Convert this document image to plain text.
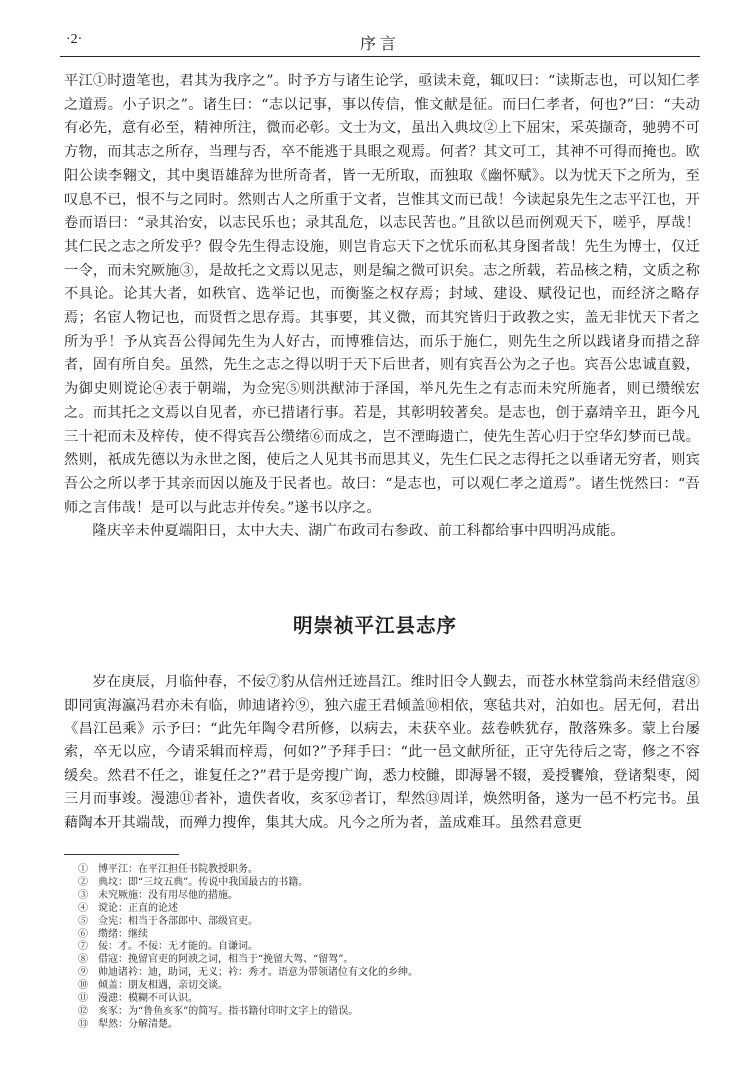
·2·	序言

平江①时遗笔也，君其为我序之”。时予方与诸生论学，亟读未竟，辄叹曰：“读斯志也，可以知仁孝之道焉。小子识之”。诸生曰：“志以记事，事以传信，惟文献是征。而曰仁孝者，何也?”曰：“夫动有必先，意有必至，精神所注，微而必彰。文士为文，虽出入典坟②上下屈宋，采英撷奇，驰骋不可方物，而其志之所存，当理与否，卒不能逃于具眼之观焉。何者？其文可工，其神不可得而掩也。欧阳公读李翱文，其中奥语雄辞为世所奇者，皆一无所取，而独取《幽怀赋》。以为忧天下之所为，至叹息不已，恨不与之同时。然则古人之所重于文者，岂惟其文而已哉！今读起泉先生之志平江也，开卷而语曰：“录其治安，以志民乐也；录其乱危，以志民苦也。”且欲以邑而例观天下，嗟乎，厚哉！其仁民之志之所发乎？假令先生得志设施，则岂肯忘天下之忧乐而私其身图者哉！先生为博士，仅迁一令，而未究厥施③，是故托之文焉以见志，则是编之微可识矣。志之所载，若品核之精，文质之称不具论。论其大者，如秩官、选举记也，而衡鉴之权存焉；封域、建设、赋役记也，而经济之略存焉；名宦人物记也，而贤哲之思存焉。其事要，其义微，而其究皆归于政教之实，盖无非忧天下者之所为乎！予从宾吾公得闻先生为人好古，而博雅信达，而乐于施仁，则先生之所以践诸身而措之辞者，固有所自矣。虽然，先生之志之得以明于天下后世者，则有宾吾公为之子也。宾吾公忠诚直毅，为御史则谠论④表于朝端，为佥宪⑤则洪猷沛于泽国，举凡先生之有志而未究所施者，则已缵缑宏之。而其托之文焉以自见者，亦已措诸行事。若是，其彰明较著矣。是志也，创于嘉靖辛丑，距今凡三十祀而未及梓传，使不得宾吾公缵绪⑥而成之，岂不湮晦遗亡，使先生苦心归于空华幻梦而已哉。然则，祇成先德以为永世之图，使后之人见其书而思其义，先生仁民之志得托之以垂诸无穷者，则宾吾公之所以孝于其亲而因以施及于民者也。故曰：“是志也，可以观仁孝之道焉”。诸生恍然曰：“吾师之言伟哉！是可以与此志并传矣。”遂书以序之。

隆庆辛未仲夏端阳日，太中大夫、湖广布政司右参政、前工科都给事中四明冯成能。

明崇祯平江县志序

岁在庚辰，月临仲春，不佞⑦豹从信州迁迹昌江。维时旧令人觐去，而苍水林堂翁尚未经借寇⑧即同寅海瀛冯君亦未有临，帅迪诸衿⑨，独六虚王君倾盖⑩相依，寒毡共对，泊如也。居无何，君出《昌江邑乘》示予曰：“此先年陶令君所修，以病去，未获卒业。兹卷帙犹存，散落殊多。蒙上台屡索，卒无以应，今请采辑而梓焉，何如?”予拜手曰：“此一邑文献所征，正守先待后之寄，修之不容缓矣。然君不任之，谁复任之?”君于是旁搜广询，悉力校雠，即溽暑不辍，爰授饔飧，登诸梨枣，阅三月而事竣。漫漶⑪者补，遗佚者收，亥豕⑫者订，犁然⑬周详，焕然明备，遂为一邑不朽完书。虽藉陶本开其端哉，而殚力搜侔，集其大成。凡今之所为者，盖成难耳。虽然君意更

①　博平江：在平江担任书院教授职务。
②　典坟：即“三坟五典”。传说中我国最古的书籍。
③　未究厥施：没有用尽他的措施。
④　谠论：正直的论述
⑤　佥宪：相当于各部郎中、部级官吏。
⑥　缵绪：继续
⑦　佞：才。不佞：无才能的。自谦词。
⑧　借寇：挽留官吏的阿谀之词，相当于“挽留大驾、“留驾”。
⑨　帅迪诸衿：迪，助词，无义；衿：秀才。语意为带领诸位有文化的乡绅。
⑩　倾盖：朋友相遇，亲切交谈。
⑪　漫漶：模糊不可认识。
⑫　亥豕：为“鲁鱼亥豕”的简写。指书籍付印时文字上的错误。
⑬　犁然：分解清楚。
